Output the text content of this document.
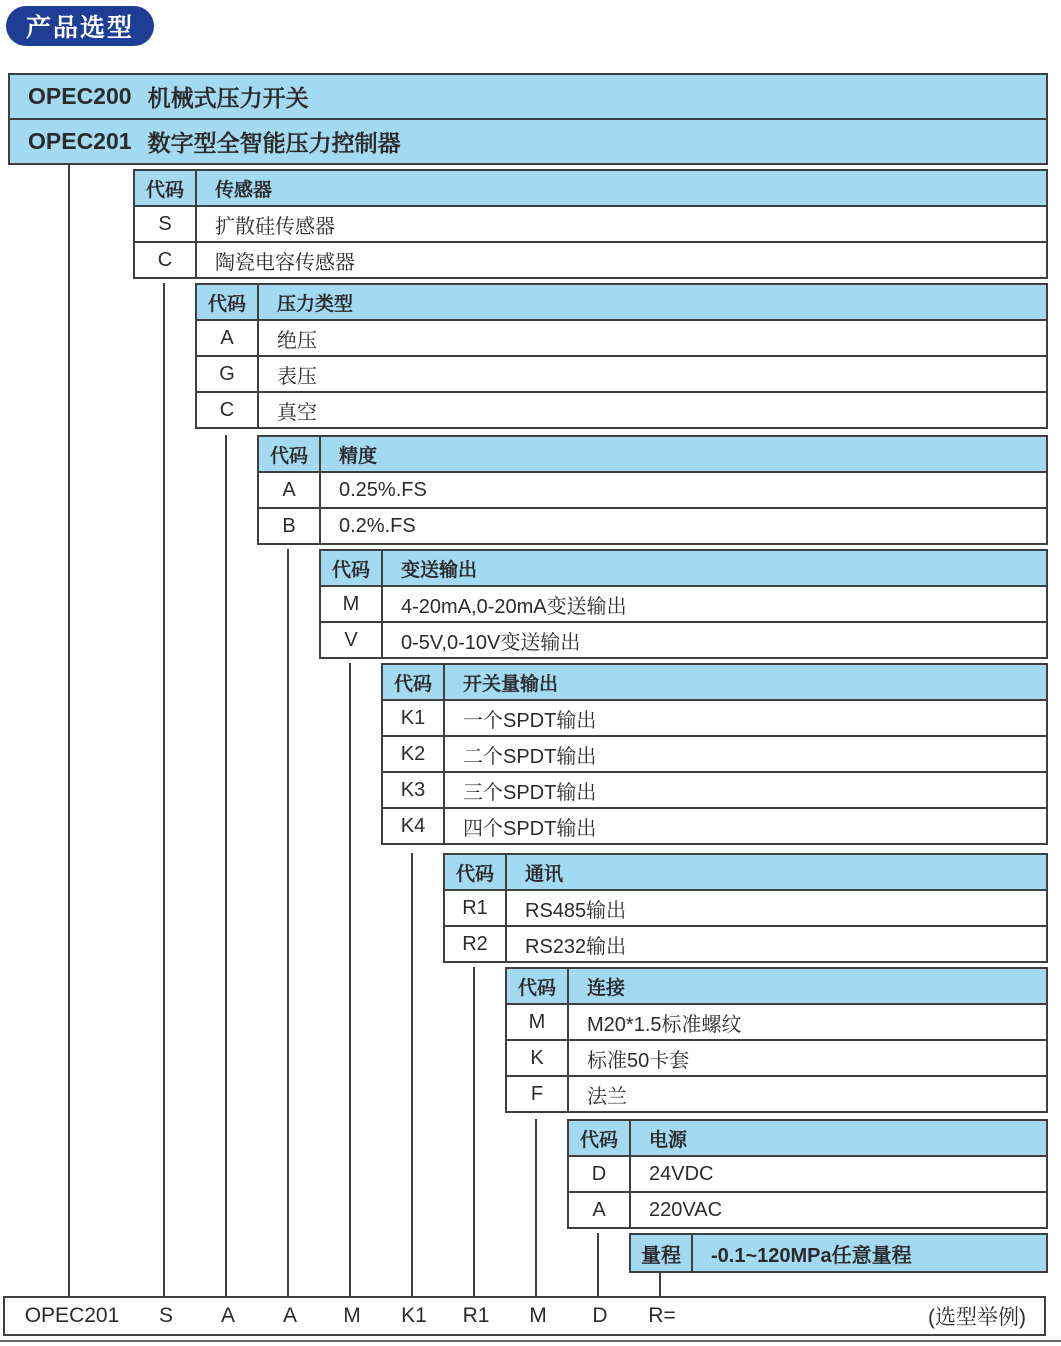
产品选型
OPEC200 机械式压力开关
OPEC201 数字型全智能压力控制器
代码	传感器
S	扩散硅传感器
C	陶瓷电容传感器
代码	压力类型
A	绝压
G	表压
C	真空
代码	精度
A	0.25%.FS
B	0.2%.FS
代码	变送输出
M	4-20mA,0-20mA变送输出
V	0-5V,0-10V变送输出
代码	开关量输出
K1	一个SPDT输出
K2	二个SPDT输出
K3	三个SPDT输出
K4	四个SPDT输出
代码	通讯
R1	RS485输出
R2	RS232输出
代码	连接
M	M20*1.5标准螺纹
K	标准50卡套
F	法兰
代码	电源
D	24VDC
A	220VAC
量程	-0.1~120MPa任意量程
OPEC201 S A A M K1 R1 M D R=	(选型举例)
